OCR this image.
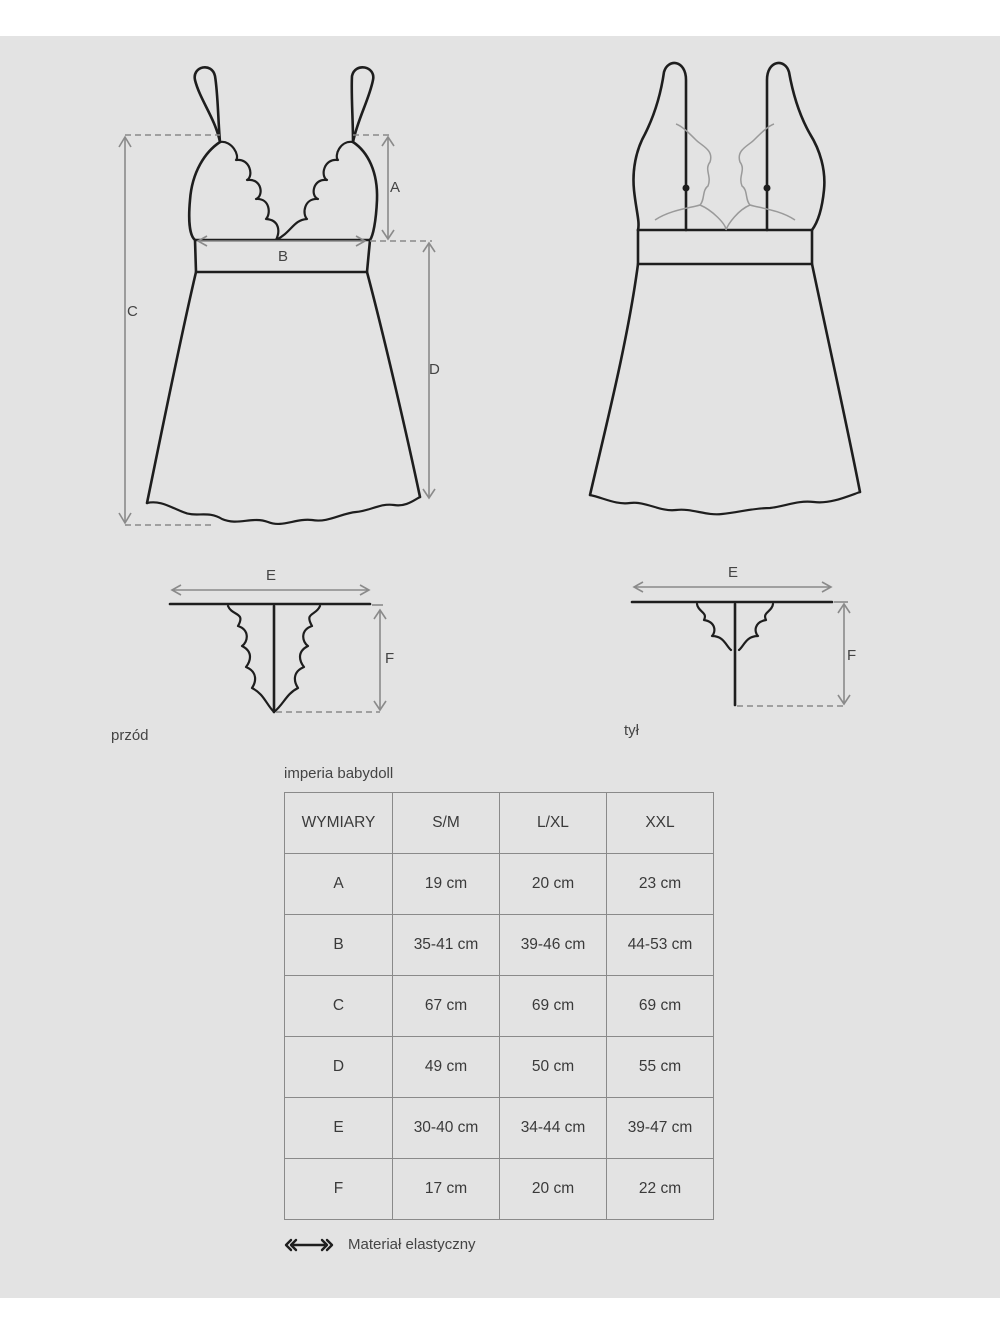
A
B
C
D
E
F
E
F
przód	tył
imperia babydoll
WYMIARY	S/M	L/XL	XXL
A	19 cm	20 cm	23 cm
B	35-41 cm	39-46 cm	44-53 cm
C	67 cm	69 cm	69 cm
D	49 cm	50 cm	55 cm
E	30-40 cm	34-44 cm	39-47 cm
F	17 cm	20 cm	22 cm
Materiał elastyczny
